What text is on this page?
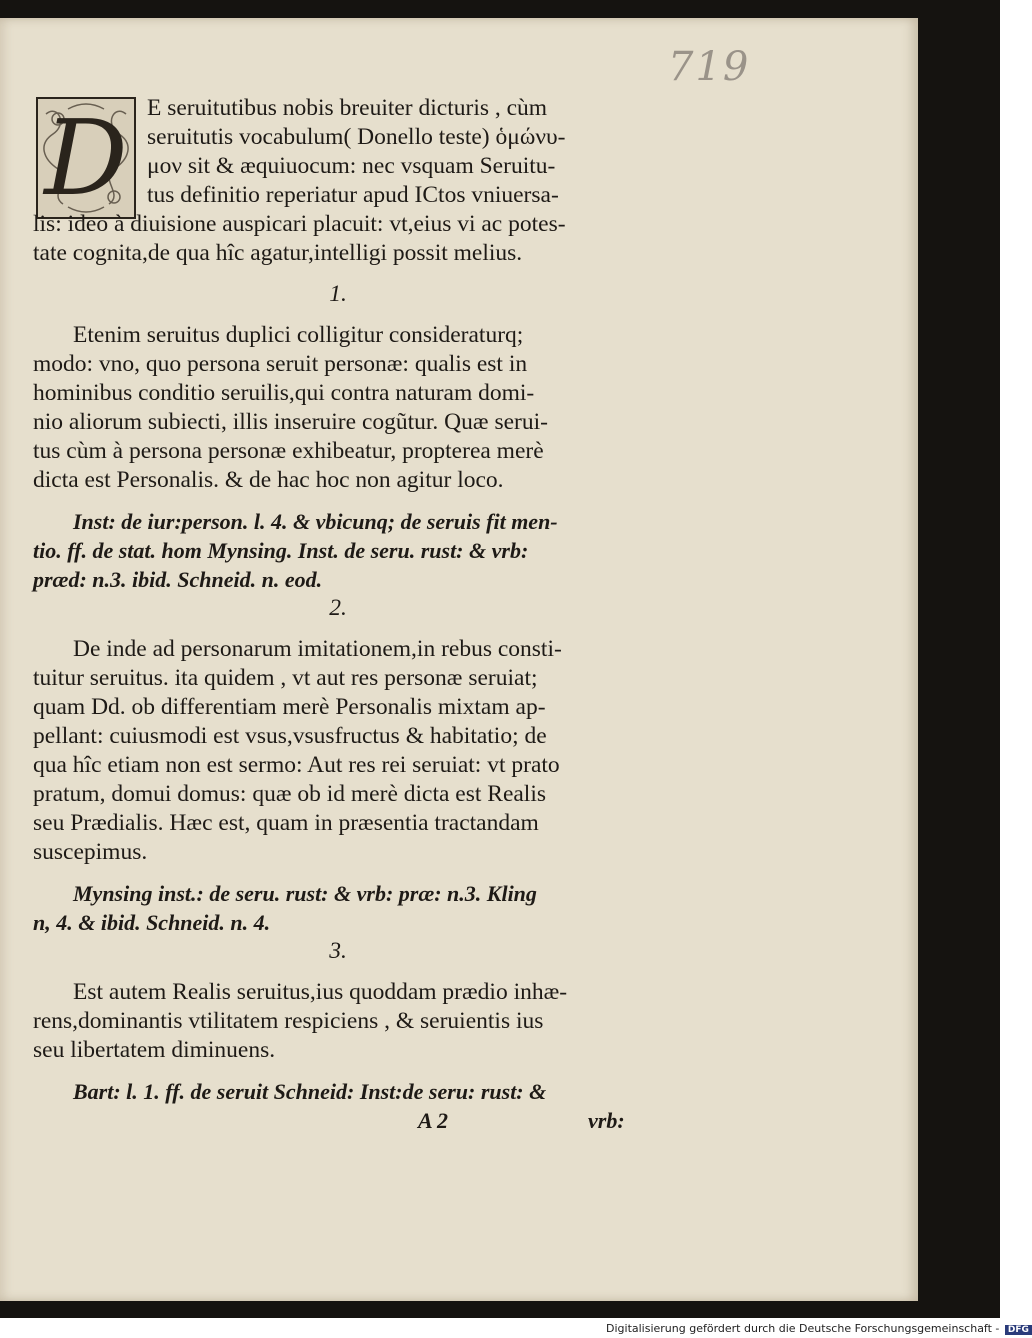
719
D E seruitutibus nobis breuiter dicturis , cùm
seruitutis vocabulum( Donello teste) ὁμώνυ-
μον sit & æquiuocum: nec vsquam Seruitu-
tus definitio reperiatur apud ICtos vniuersa-
lis: ideo à diuisione auspicari placuit: vt,eius vi ac potes-
tate cognita,de qua hîc agatur,intelligi possit melius.
1.
Etenim seruitus duplici colligitur consideraturq;
modo: vno, quo persona seruit personæ: qualis est in
hominibus conditio seruilis,qui contra naturam domi-
nio aliorum subiecti, illis inseruire cogũtur. Quæ serui-
tus cùm à persona personæ exhibeatur, propterea merè
dicta est Personalis. & de hac hoc non agitur loco.
Inst: de iur:person. l. 4. & vbicunq; de seruis fit men-
tio. ff. de stat. hom Mynsing. Inst. de seru. rust: & vrb:
præd: n.3. ibid. Schneid. n. eod.
2.
De inde ad personarum imitationem,in rebus consti-
tuitur seruitus. ita quidem , vt aut res personæ seruiat;
quam Dd. ob differentiam merè Personalis mixtam ap-
pellant: cuiusmodi est vsus,vsusfructus & habitatio; de
qua hîc etiam non est sermo: Aut res rei seruiat: vt prato
pratum, domui domus: quæ ob id merè dicta est Realis
seu Prædialis. Hæc est, quam in præsentia tractandam
suscepimus.
Mynsing inst.: de seru. rust: & vrb: præ: n.3. Kling
n, 4. & ibid. Schneid. n. 4.
3.
Est autem Realis seruitus,ius quoddam prædio inhæ-
rens,dominantis vtilitatem respiciens , & seruientis ius
seu libertatem diminuens.
Bart: l. 1. ff. de seruit Schneid: Inst:de seru: rust: &
A 2	vrb:
Digitalisierung gefördert durch die Deutsche Forschungsgemeinschaft - DFG
